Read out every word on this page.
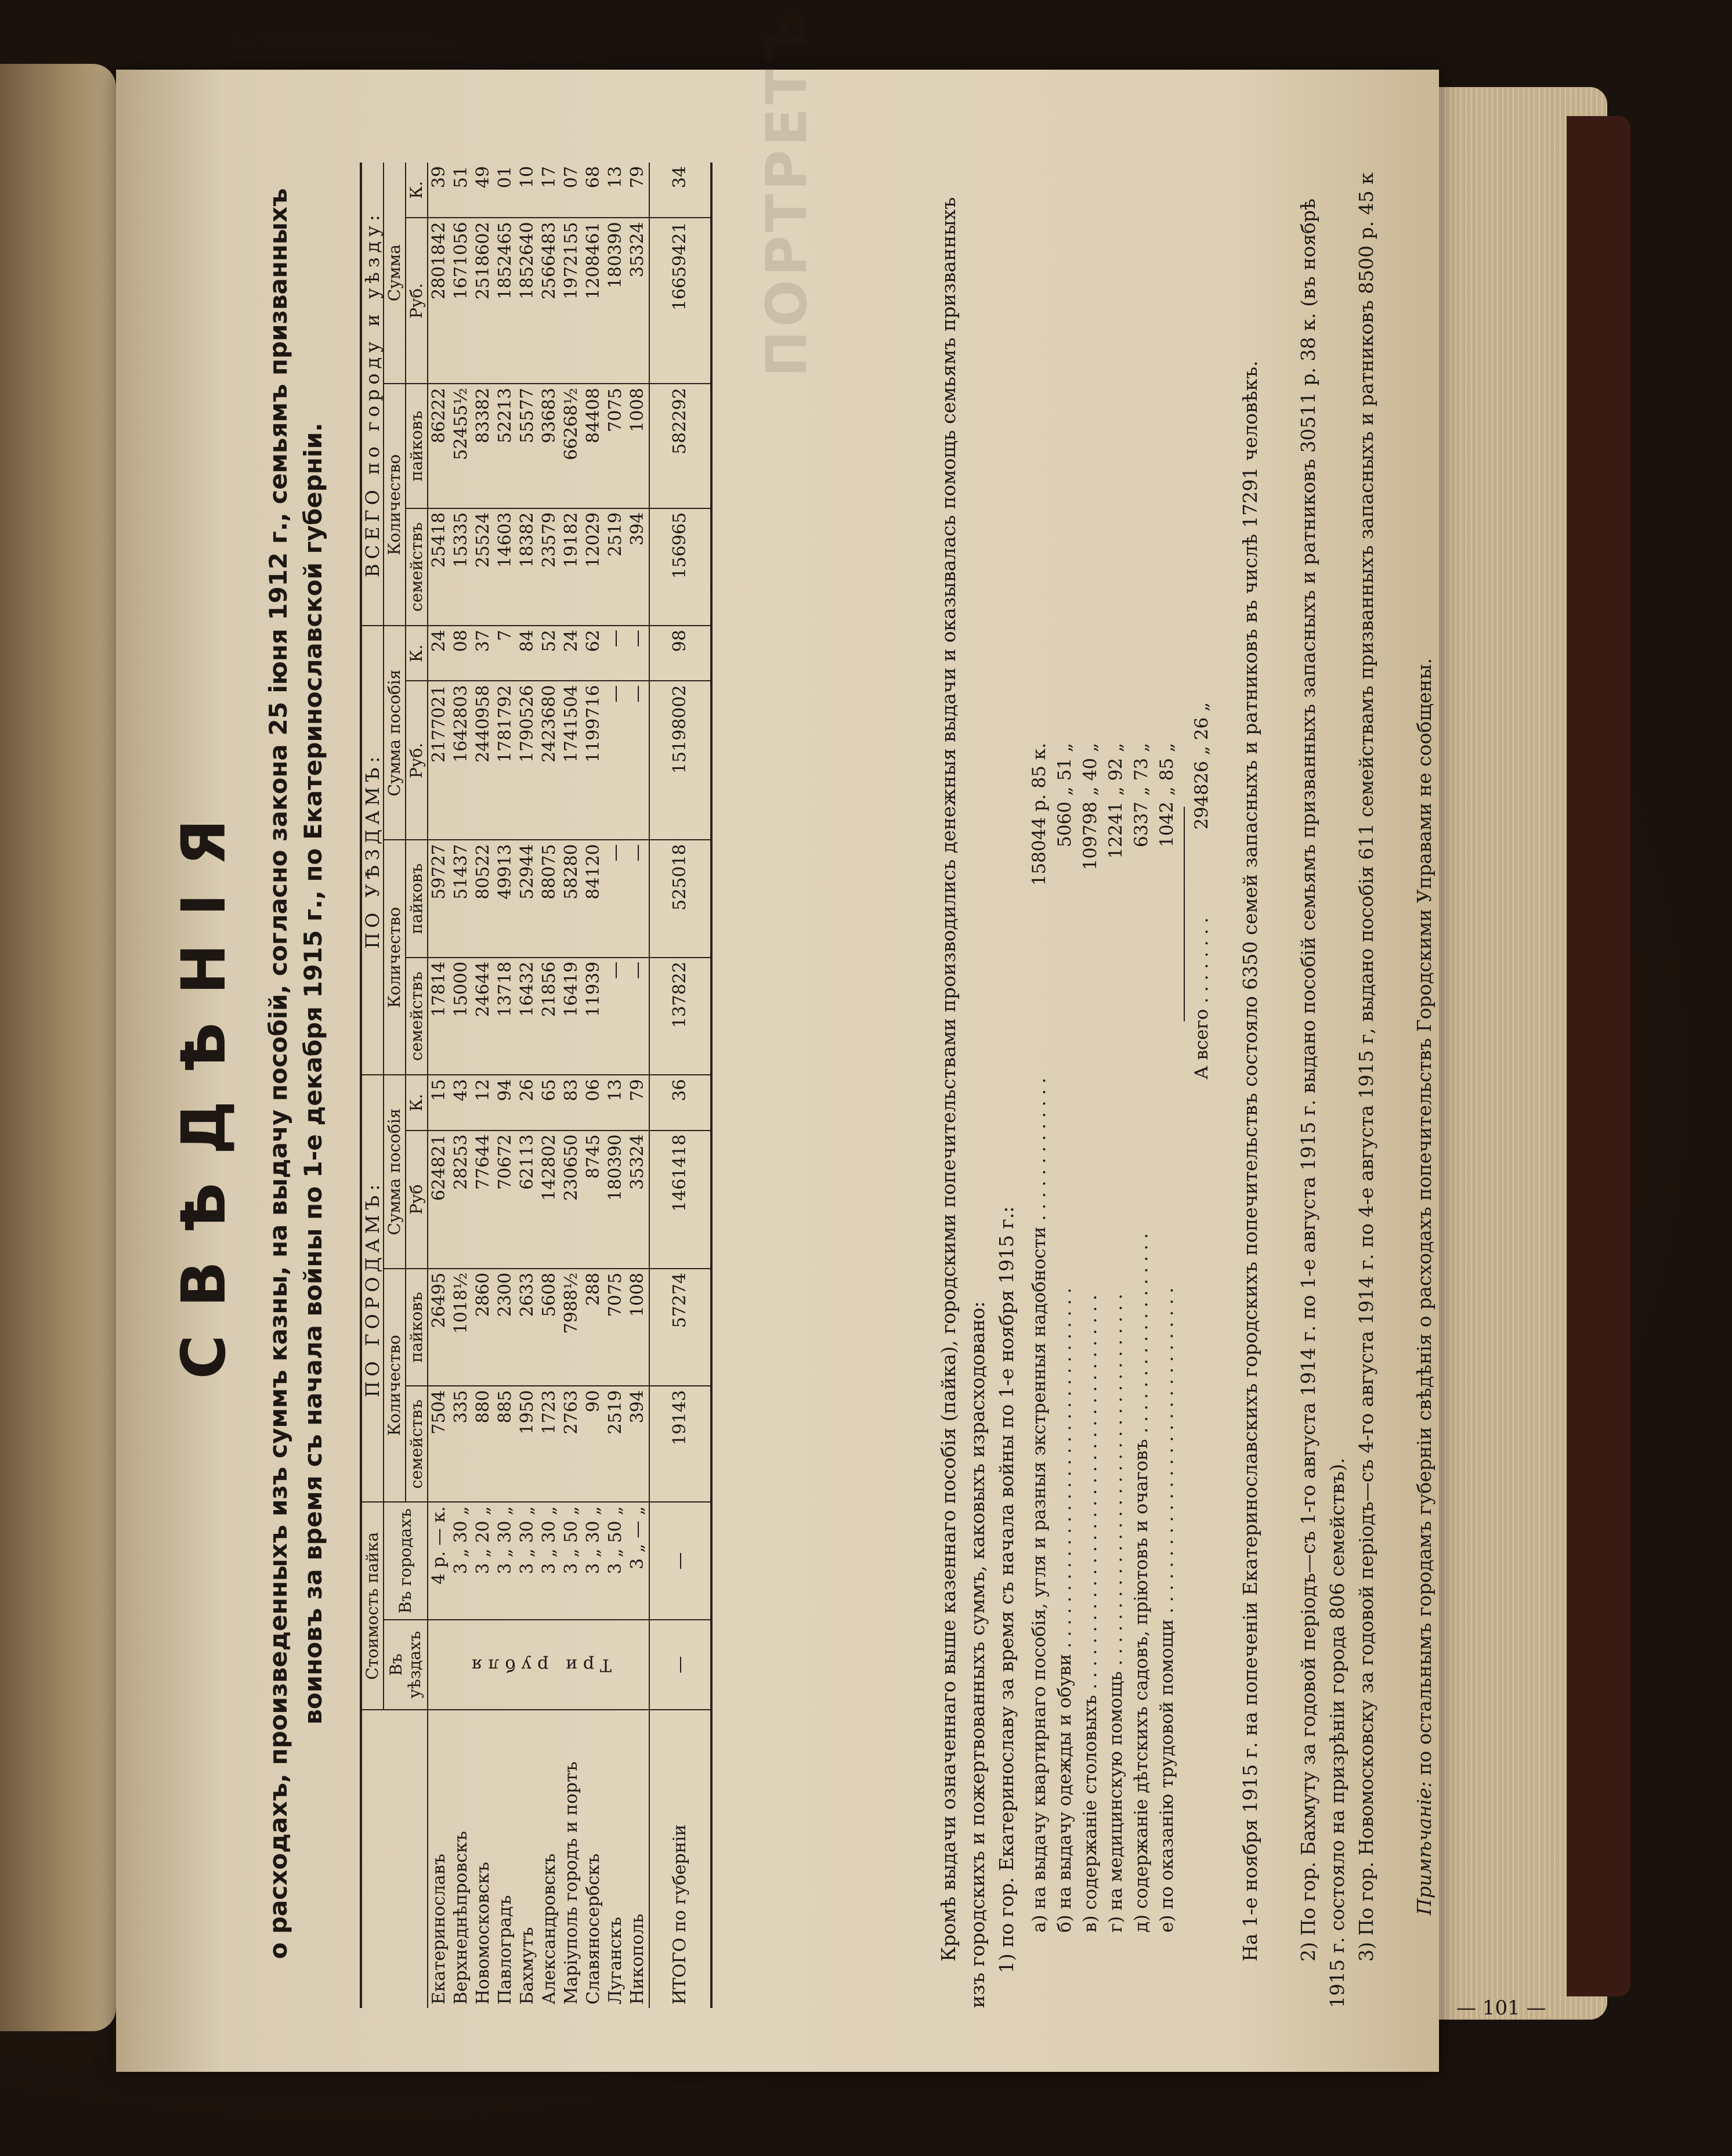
ПОРТРЕТЪ
СВѢДѢНІЯ о расходахъ, произведенныхъ изъ суммъ казны, на выдачу пособій, согласно закона 25 іюня 1912 г., семьямъ призванныхъ воиновъ за время съ начала войны по 1-е декабря 1915 г., по Екатеринославской губерніи.
	Стоимость пайка		ПО ГОРОДАМЪ:				ПО УѢЗДАМЪ:				ВСЕГО по городу и уѣзду:			
	Въ уѣздахъ	Въ городахъ	Количество		Сумма пособія		Количество		Сумма пособія		Количество		Сумма	
			семействъ	пайковъ	Руб	К.	семействъ	пайковъ	Руб.	К.	семействъ	пайковъ	Руб.	К.
Екатеринославъ	Три рубля	4 р. — к.	7504	26495	624821	15	17814	59727	2177021	24	25418	86222	2801842	39
Верхнеднѣпровскъ		3 „ 30 „	335	1018½	28253	43	15000	51437	1642803	08	15335	52455½	1671056	51
Новомосковскъ		3 „ 20 „	880	2860	77644	12	24644	80522	2440958	37	25524	83382	2518602	49
Павлоградъ		3 „ 30 „	885	2300	70672	94	13718	49913	1781792	7	14603	52213	1852465	01
Бахмутъ		3 „ 30 „	1950	2633	62113	26	16432	52944	1790526	84	18382	55577	1852640	10
Александровскъ		3 „ 30 „	1723	5608	142802	65	21856	88075	2423680	52	23579	93683	2566483	17
Маріуполь городъ и портъ		3 „ 50 „	2763	7988½	230650	83	16419	58280	1741504	24	19182	66268½	1972155	07
Славяносербскъ		3 „ 30 „	90	288	8745	06	11939	84120	1199716	62	12029	84408	1208461	68
Луганскъ		3 „ 50 „	2519	7075	180390	13	—	—	—	—	2519	7075	180390	13
Никополь		3 „ — „	394	1008	35324	79	—	—	—	—	394	1008	35324	79
ИТОГО по губерніи	—	—	19143	57274	1461418	36	137822	525018	15198002	98	156965	582292	16659421	34
Кромѣ выдачи означеннаго выше казеннаго пособія (пайка), городскими попечительствами производились денежныя выдачи и оказывалась помощь семьямъ призванныхъ изъ городскихъ и пожертвованныхъ суммъ, каковыхъ израсходовано: 1) по гор. Екатеринославу за время съ начала войны по 1-е ноября 1915 г.: а) на выдачу квартирнаго пособія, угля и разныя экстренныя надобности . . . . . . . . . . . . .
158044 р. 85 к.
б) на выдачу одежды и обуви . . . . . . . . . . . . . . . . . . . . . . . . . . . . . . . .
5060 „ 51 „
в) содержаніе столовыхъ . . . . . . . . . . . . . . . . . . . . . . . . . . . . . . . . . . .
109798 „ 40 „
г) на медицинскую помощь . . . . . . . . . . . . . . . . . . . . . . . . . . . . . . . . .
12241 „ 92 „
д) содержаніе дѣтскихъ садовъ, пріютовъ и очаговъ . . . . . . . . . . . . . . . . . .
6337 „ 73 „
е) по оказанію трудовой помощи . . . . . . . . . . . . . . . . . . . . . . . . . . . . .
1042 „ 85 „
А всего . . . . . . . .
294826 „ 26 „ На 1-е ноября 1915 г. на попеченіи Екатеринославскихъ городскихъ попечительствъ состояло 6350 семей запасныхъ и ратниковъ въ числѣ 17291 человѣкъ. 2) По гор. Бахмуту за годовой періодъ—съ 1-го августа 1914 г. по 1-е августа 1915 г. выдано пособій семьямъ призванныхъ запасныхъ и ратниковъ 30511 р. 38 к. (въ ноябрѣ 1915 г. состояло на призрѣніи города 806 семействъ). 3) По гор. Новомосковску за годовой періодъ—съ 4-го августа 1914 г. по 4-е августа 1915 г, выдано пособія 611 семействамъ призванныхъ запасныхъ и ратниковъ 8500 р. 45 к Примѣчаніе: по остальнымъ городамъ губерніи свѣдѣнія о расходахъ попечительствъ Городскими Управами не сообщены.
— 101 —
